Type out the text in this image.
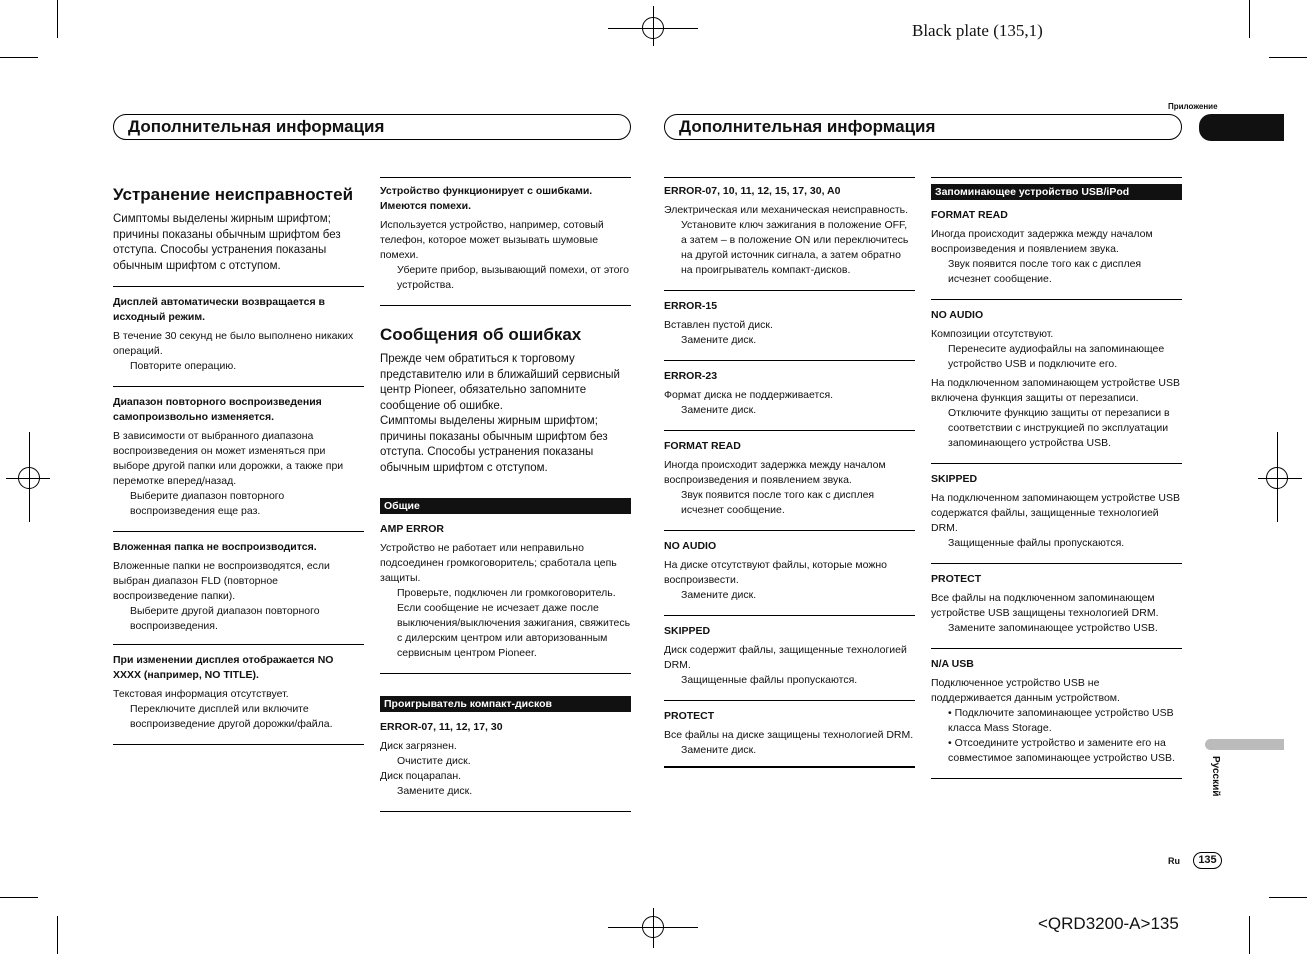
Black plate (135,1)
<QRD3200-A>135
Приложение
Дополнительная информация	Дополнительная информация
Русский
Ru	135
Устранение неисправностей
Симптомы выделены жирным шрифтом; причины показаны обычным шрифтом без отступа. Способы устранения показаны обычным шрифтом с отступом.
Дисплей автоматически возвращается в исходный режим.
В течение 30 секунд не было выполнено никаких операций.
Повторите операцию.
Диапазон повторного воспроизведения самопроизвольно изменяется.
В зависимости от выбранного диапазона воспроизведения он может изменяться при выборе другой папки или дорожки, а также при перемотке вперед/назад.
Выберите диапазон повторного воспроизведения еще раз.
Вложенная папка не воспроизводится.
Вложенные папки не воспроизводятся, если выбран диапазон FLD (повторное воспроизведение папки).
Выберите другой диапазон повторного воспроизведения.
При изменении дисплея отображается NO XXXX (например, NO TITLE).
Текстовая информация отсутствует.
Переключите дисплей или включите воспроизведение другой дорожки/файла.
Устройство функционирует с ошибками. Имеются помехи.
Используется устройство, например, сотовый телефон, которое может вызывать шумовые помехи.
Уберите прибор, вызывающий помехи, от этого устройства.
Сообщения об ошибках
Прежде чем обратиться к торговому представителю или в ближайший сервисный центр Pioneer, обязательно запомните сообщение об ошибке.
Симптомы выделены жирным шрифтом; причины показаны обычным шрифтом без отступа. Способы устранения показаны обычным шрифтом с отступом.
Общие
AMP ERROR
Устройство не работает или неправильно подсоединен громкоговоритель; сработала цепь защиты.
Проверьте, подключен ли громкоговоритель. Если сообщение не исчезает даже после выключения/выключения зажигания, свяжитесь с дилерским центром или авторизованным сервисным центром Pioneer.
Проигрыватель компакт-дисков
ERROR-07, 11, 12, 17, 30
Диск загрязнен.
Очистите диск.
Диск поцарапан.
Замените диск.
ERROR-07, 10, 11, 12, 15, 17, 30, A0
Электрическая или механическая неисправность.
Установите ключ зажигания в положение OFF, а затем – в положение ON или переключитесь на другой источник сигнала, а затем обратно на проигрыватель компакт-дисков.
ERROR-15
Вставлен пустой диск.
Замените диск.
ERROR-23
Формат диска не поддерживается.
Замените диск.
FORMAT READ
Иногда происходит задержка между началом воспроизведения и появлением звука.
Звук появится после того как с дисплея исчезнет сообщение.
NO AUDIO
На диске отсутствуют файлы, которые можно воспроизвести.
Замените диск.
SKIPPED
Диск содержит файлы, защищенные технологией DRM.
Защищенные файлы пропускаются.
PROTECT
Все файлы на диске защищены технологией DRM.
Замените диск.
Запоминающее устройство USB/iPod
FORMAT READ
Иногда происходит задержка между началом воспроизведения и появлением звука.
Звук появится после того как с дисплея исчезнет сообщение.
NO AUDIO
Композиции отсутствуют.
Перенесите аудиофайлы на запоминающее устройство USB и подключите его.
На подключенном запоминающем устройстве USB включена функция защиты от перезаписи.
Отключите функцию защиты от перезаписи в соответствии с инструкцией по эксплуатации запоминающего устройства USB.
SKIPPED
На подключенном запоминающем устройстве USB содержатся файлы, защищенные технологией DRM.
Защищенные файлы пропускаются.
PROTECT
Все файлы на подключенном запоминающем устройстве USB защищены технологией DRM.
Замените запоминающее устройство USB.
N/A USB
Подключенное устройство USB не поддерживается данным устройством.
• Подключите запоминающее устройство USB класса Mass Storage.
• Отсоедините устройство и замените его на совместимое запоминающее устройство USB.
